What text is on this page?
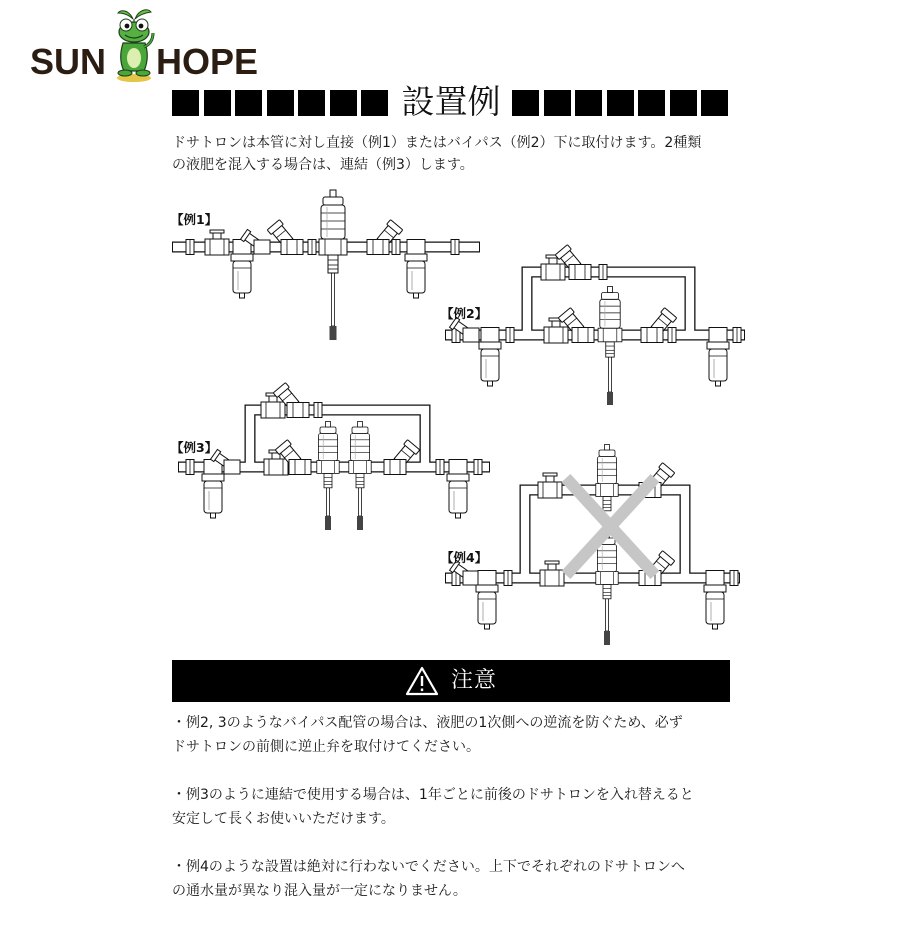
SUN HOPE
設置例
ドサトロンは本管に対し直接（例1）またはバイパス（例2）下に取付けます。2種類
の液肥を混入する場合は、連結（例3）します。
【例1】
【例2】
【例3】
【例4】
注意
・例2, 3のようなバイパス配管の場合は、液肥の1次側への逆流を防ぐため、必ず
ドサトロンの前側に逆止弁を取付けてください。
・例3のように連結で使用する場合は、1年ごとに前後のドサトロンを入れ替えると
安定して長くお使いいただけます。
・例4のような設置は絶対に行わないでください。上下でそれぞれのドサトロンへ
の通水量が異なり混入量が一定になりません。
